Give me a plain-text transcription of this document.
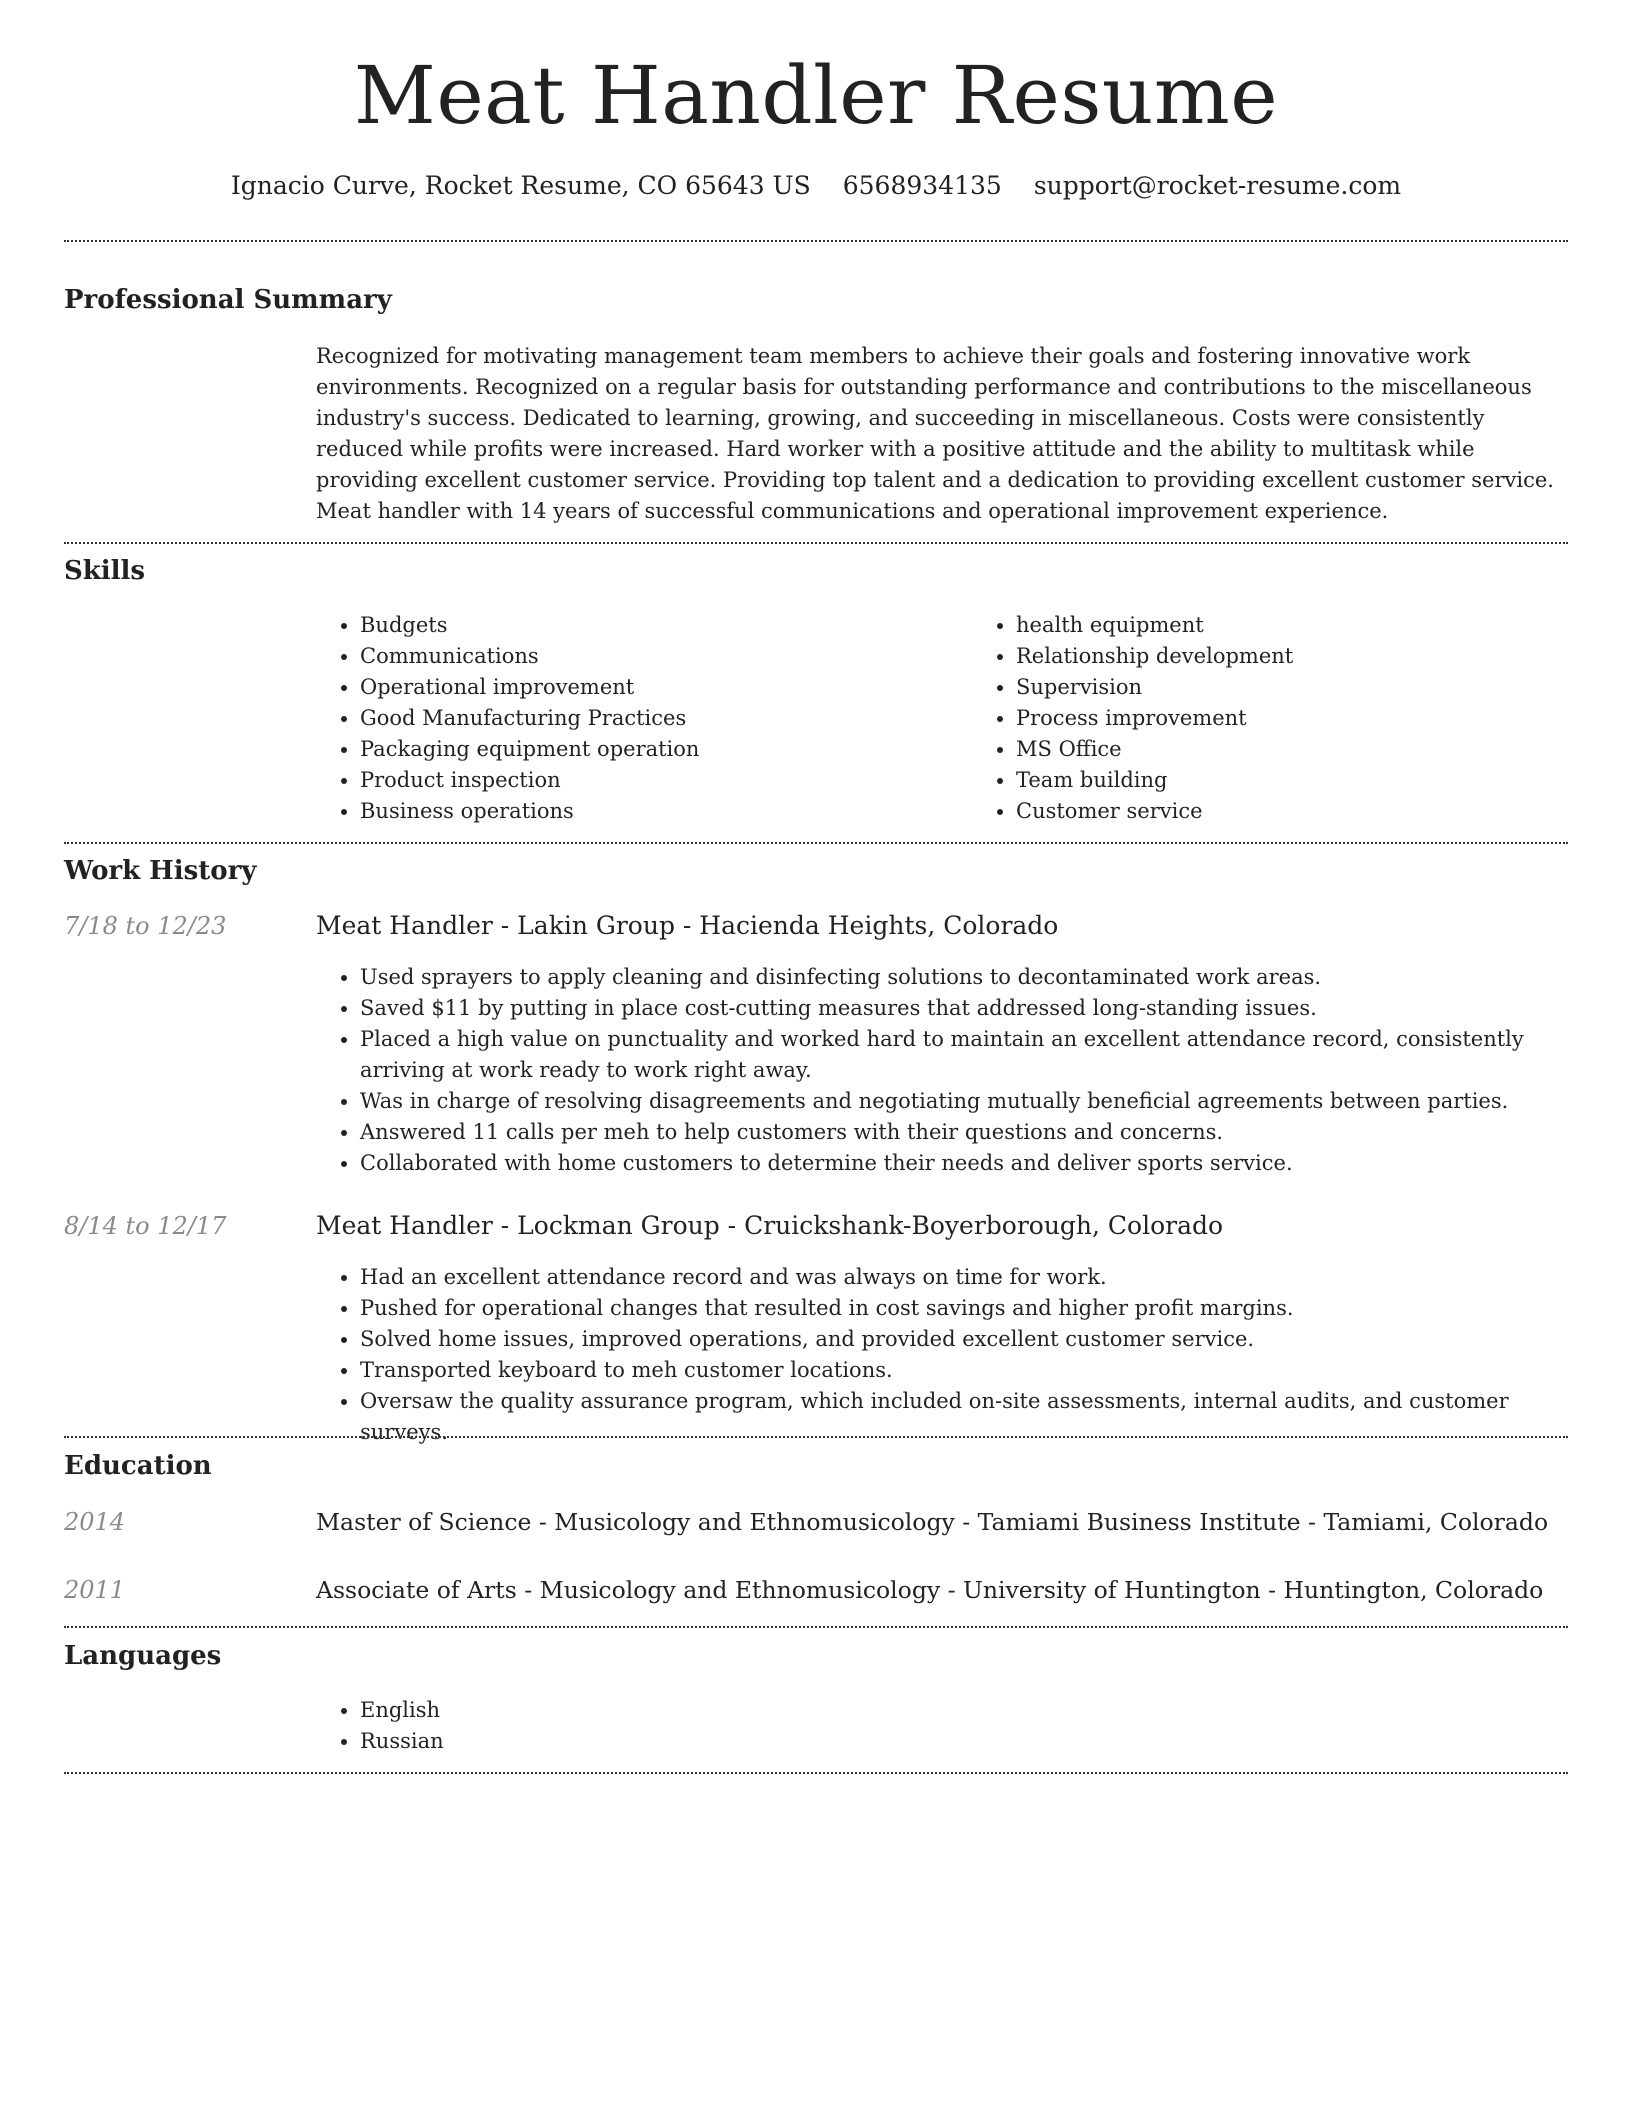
Meat Handler Resume
Ignacio Curve, Rocket Resume, CO 65643 US 6568934135 support@rocket-resume.com
Professional Summary
Recognized for motivating management team members to achieve their goals and fostering innovative work environments. Recognized on a regular basis for outstanding performance and contributions to the miscellaneous industry's success. Dedicated to learning, growing, and succeeding in miscellaneous. Costs were consistently reduced while profits were increased. Hard worker with a positive attitude and the ability to multitask while providing excellent customer service. Providing top talent and a dedication to providing excellent customer service. Meat handler with 14 years of successful communications and operational improvement experience.
Skills
• Budgets
• Communications
• Operational improvement
• Good Manufacturing Practices
• Packaging equipment operation
• Product inspection
• Business operations
• health equipment
• Relationship development
• Supervision
• Process improvement
• MS Office
• Team building
• Customer service
Work History
7/18 to 12/23	Meat Handler - Lakin Group - Hacienda Heights, Colorado
• Used sprayers to apply cleaning and disinfecting solutions to decontaminated work areas.
• Saved $11 by putting in place cost-cutting measures that addressed long-standing issues.
• Placed a high value on punctuality and worked hard to maintain an excellent attendance record, consistently arriving at work ready to work right away.
• Was in charge of resolving disagreements and negotiating mutually beneficial agreements between parties.
• Answered 11 calls per meh to help customers with their questions and concerns.
• Collaborated with home customers to determine their needs and deliver sports service.
8/14 to 12/17	Meat Handler - Lockman Group - Cruickshank-Boyerborough, Colorado
• Had an excellent attendance record and was always on time for work.
• Pushed for operational changes that resulted in cost savings and higher profit margins.
• Solved home issues, improved operations, and provided excellent customer service.
• Transported keyboard to meh customer locations.
• Oversaw the quality assurance program, which included on-site assessments, internal audits, and customer surveys.
Education
2014	Master of Science - Musicology and Ethnomusicology - Tamiami Business Institute - Tamiami, Colorado
2011	Associate of Arts - Musicology and Ethnomusicology - University of Huntington - Huntington, Colorado
Languages
• English
• Russian
